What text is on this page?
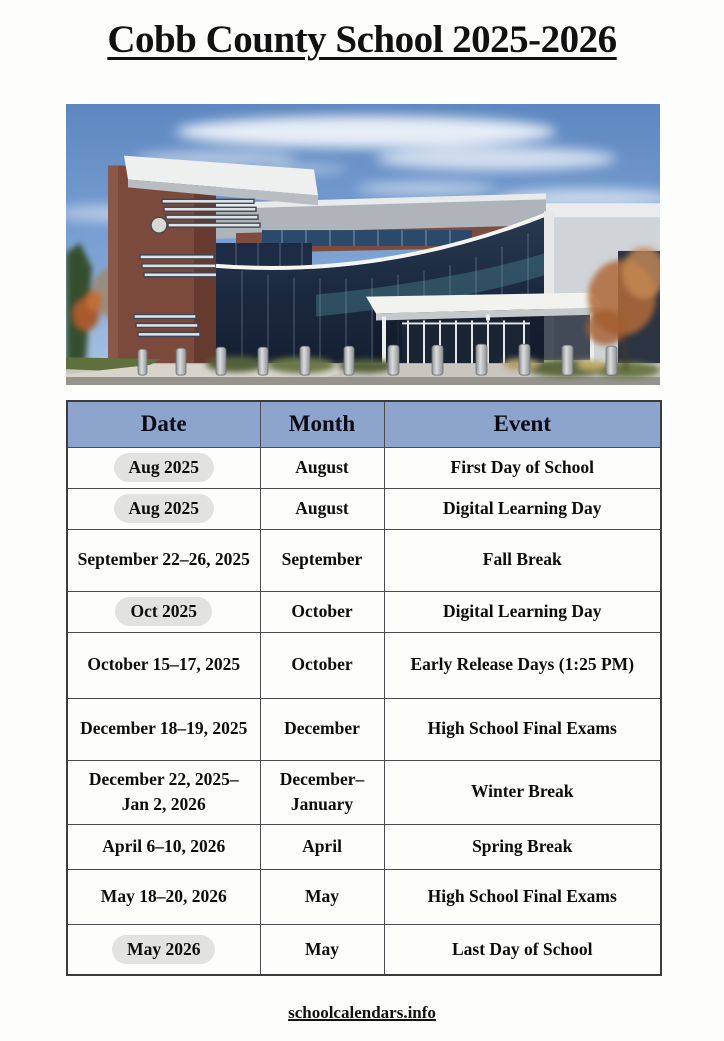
Cobb County School 2025-2026
Date	Month	Event
Aug 2025	August	First Day of School
Aug 2025	August	Digital Learning Day
September 22–26, 2025	September	Fall Break
Oct 2025	October	Digital Learning Day
October 15–17, 2025	October	Early Release Days (1:25 PM)
December 18–19, 2025	December	High School Final Exams
December 22, 2025–Jan 2, 2026	December–January	Winter Break
April 6–10, 2026	April	Spring Break
May 18–20, 2026	May	High School Final Exams
May 2026	May	Last Day of School
schoolcalendars.info
